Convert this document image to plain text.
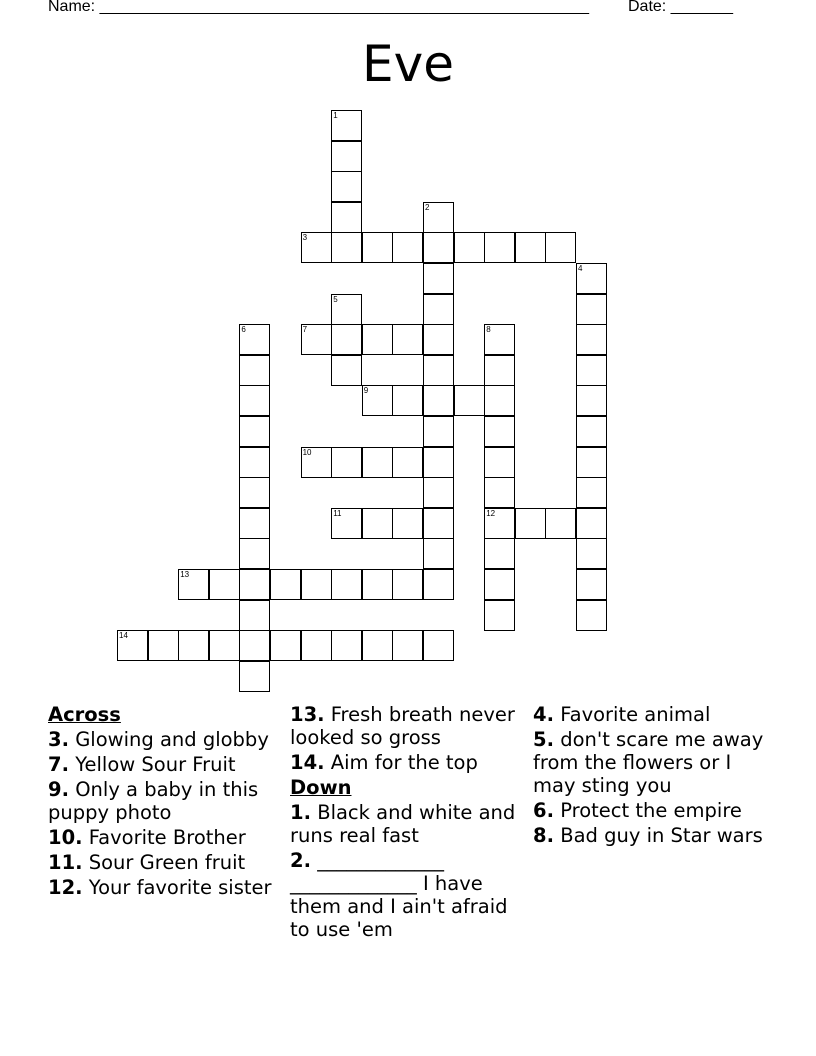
Name: _______________________________________________________ Date: _______
Eve
1
2
3
4
5
6	7	8
9
10
11	12
13
14
Across
3. Glowing and globby
7. Yellow Sour Fruit
9. Only a baby in this puppy photo
10. Favorite Brother
11. Sour Green fruit
12. Your favorite sister
13. Fresh breath never looked so gross
14. Aim for the top
Down
1. Black and white and runs real fast
2. _____________ _____________ I have them and I ain't afraid to use 'em
4. Favorite animal
5. don't scare me away from the flowers or I may sting you
6. Protect the empire
8. Bad guy in Star wars
